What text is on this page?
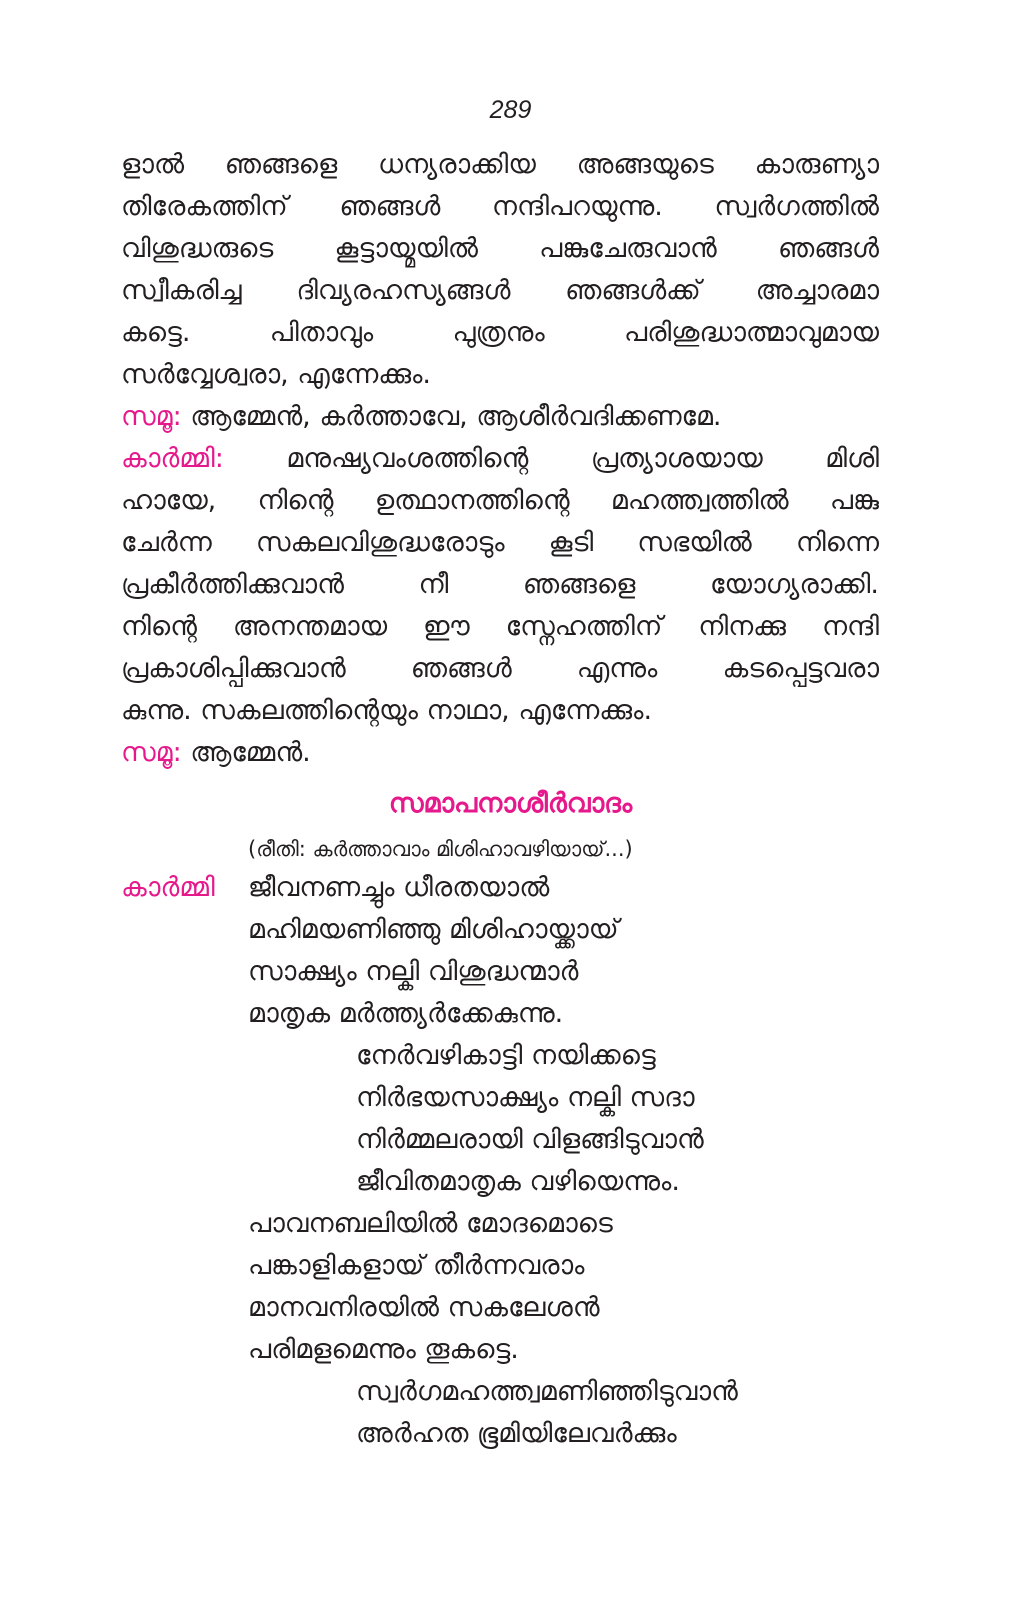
289
ളാൽ ഞങ്ങളെ ധന്യരാക്കിയ അങ്ങയുടെ കാരുണ്യാ
തിരേകത്തിന് ഞങ്ങൾ നന്ദിപറയുന്നു. സ്വർഗത്തിൽ
വിശുദ്ധരുടെ കൂട്ടായ്മയിൽ പങ്കുചേരുവാൻ ഞങ്ങൾ
സ്വീകരിച്ച ദിവ്യരഹസ്യങ്ങൾ ഞങ്ങൾക്ക് അച്ചാരമാ
കട്ടെ. പിതാവും പുത്രനും പരിശുദ്ധാത്മാവുമായ
സർവ്വേശ്വരാ, എന്നേക്കും.
സമൂ: ആമ്മേൻ, കർത്താവേ, ആശീർവദിക്കണമേ.
കാർമ്മി: മനുഷ്യവംശത്തിന്റെ പ്രത്യാശയായ മിശി
ഹായേ, നിന്റെ ഉത്ഥാനത്തിന്റെ മഹത്ത്വത്തിൽ പങ്കു
ചേർന്ന സകലവിശുദ്ധരോടും കൂടി സഭയിൽ നിന്നെ
പ്രകീർത്തിക്കുവാൻ നീ ഞങ്ങളെ യോഗ്യരാക്കി.
നിന്റെ അനന്തമായ ഈ സ്നേഹത്തിന് നിനക്കു നന്ദി
പ്രകാശിപ്പിക്കുവാൻ ഞങ്ങൾ എന്നും കടപ്പെട്ടവരാ
കുന്നു. സകലത്തിന്റെയും നാഥാ, എന്നേക്കും.
സമൂ: ആമ്മേൻ.
സമാപനാശീർവാദം
(രീതി: കർത്താവാം മിശിഹാവഴിയായ്...)
കാർമ്മി ജീവനണച്ചും ധീരതയാൽ
മഹിമയണിഞ്ഞു മിശിഹായ്ക്കായ്
സാക്ഷ്യം നല്കി വിശുദ്ധന്മാർ
മാതൃക മർത്ത്യർക്കേകുന്നു.
നേർവഴികാട്ടി നയിക്കട്ടെ
നിർഭയസാക്ഷ്യം നല്കി സദാ
നിർമ്മലരായി വിളങ്ങിടുവാൻ
ജീവിതമാതൃക വഴിയെന്നും.
പാവനബലിയിൽ മോദമൊടെ
പങ്കാളികളായ് തീർന്നവരാം
മാനവനിരയിൽ സകലേശൻ
പരിമളമെന്നും തൂകട്ടെ.
സ്വർഗമഹത്ത്വമണിഞ്ഞിടുവാൻ
അർഹത ഭൂമിയിലേവർക്കും
